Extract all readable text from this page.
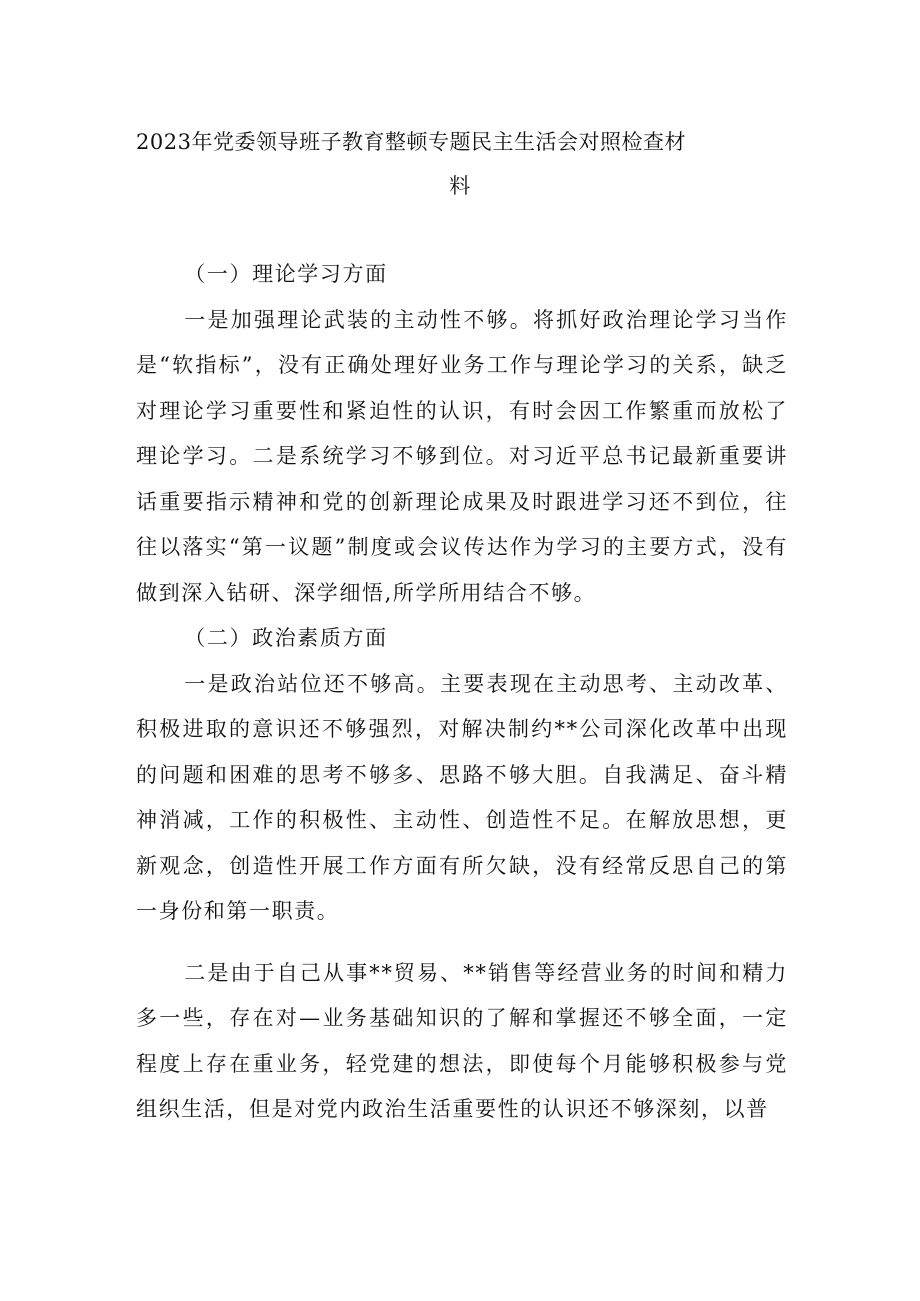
2023年党委领导班子教育整顿专题民主生活会对照检查材
料

（一）理论学习方面

一是加强理论武装的主动性不够。将抓好政治理论学习当作是“软指标”，没有正确处理好业务工作与理论学习的关系，缺乏对理论学习重要性和紧迫性的认识，有时会因工作繁重而放松了理论学习。二是系统学习不够到位。对习近平总书记最新重要讲话重要指示精神和党的创新理论成果及时跟进学习还不到位，往往以落实“第一议题”制度或会议传达作为学习的主要方式，没有做到深入钻研、深学细悟,所学所用结合不够。

（二）政治素质方面

一是政治站位还不够高。主要表现在主动思考、主动改革、积极进取的意识还不够强烈，对解决制约**公司深化改革中出现的问题和困难的思考不够多、思路不够大胆。自我满足、奋斗精神消减，工作的积极性、主动性、创造性不足。在解放思想，更新观念，创造性开展工作方面有所欠缺，没有经常反思自己的第一身份和第一职责。

二是由于自己从事**贸易、**销售等经营业务的时间和精力多一些，存在对—业务基础知识的了解和掌握还不够全面，一定程度上存在重业务，轻党建的想法，即使每个月能够积极参与党组织生活，但是对党内政治生活重要性的认识还不够深刻，以普
